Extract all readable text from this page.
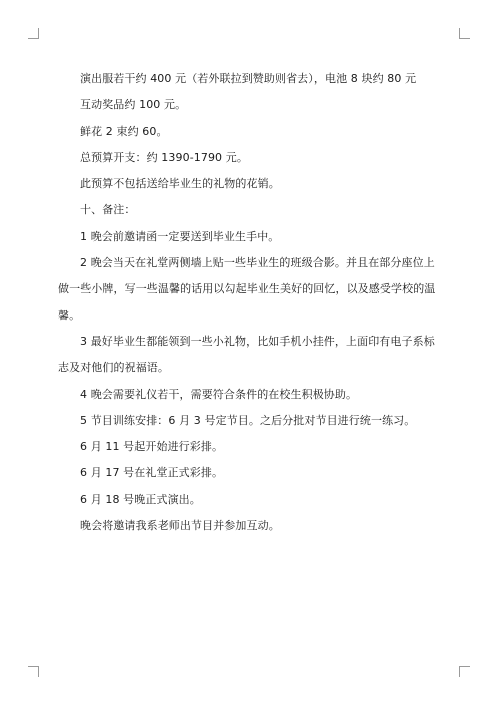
演出服若干约 400 元（若外联拉到赞助则省去），电池 8 块约 80 元

互动奖品约 100 元。

鲜花 2 束约 60。

总预算开支：约 1390-1790 元。

此预算不包括送给毕业生的礼物的花销。

十、备注：

1 晚会前邀请函一定要送到毕业生手中。

2 晚会当天在礼堂两侧墙上贴一些毕业生的班级合影。并且在部分座位上做一些小牌，写一些温馨的话用以勾起毕业生美好的回忆，以及感受学校的温馨。

3 最好毕业生都能领到一些小礼物，比如手机小挂件，上面印有电子系标志及对他们的祝福语。

4 晚会需要礼仪若干，需要符合条件的在校生积极协助。

5 节目训练安排：6 月 3 号定节目。之后分批对节目进行统一练习。

6 月 11 号起开始进行彩排。

6 月 17 号在礼堂正式彩排。

6 月 18 号晚正式演出。

晚会将邀请我系老师出节目并参加互动。
